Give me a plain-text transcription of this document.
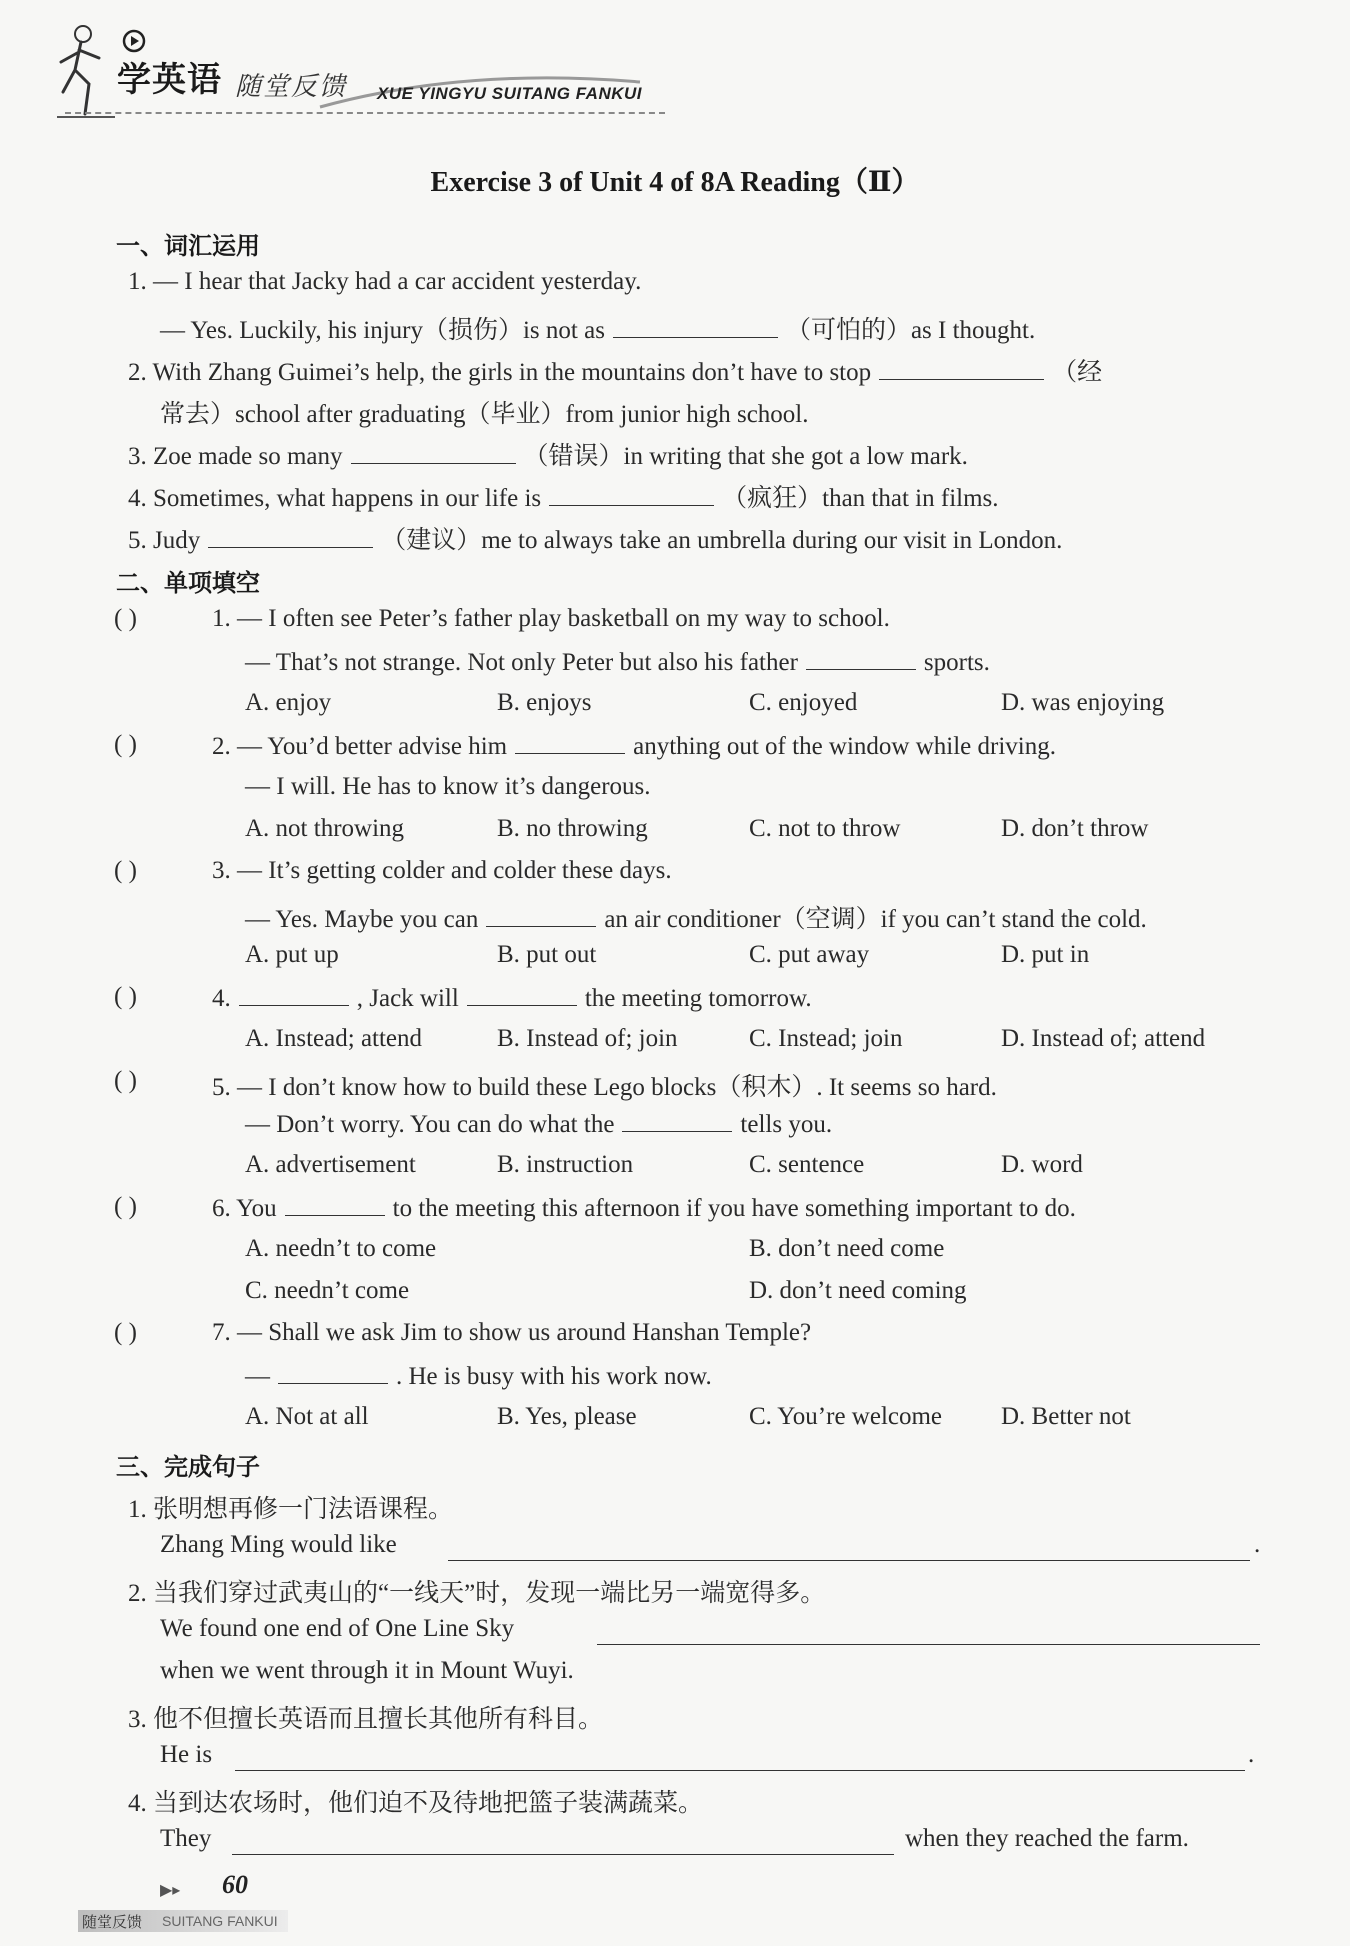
学英语 随堂反馈 XUE YINGYU SUITANG FANKUI
Exercise 3 of Unit 4 of 8A Reading（Ⅱ）
一、词汇运用
1. — I hear that Jacky had a car accident yesterday.
— Yes. Luckily, his injury（损伤）is not as	（可怕的）as I thought.
2. With Zhang Guimei’s help, the girls in the mountains don’t have to stop	（经
常去）school after graduating（毕业）from junior high school.
3. Zoe made so many	（错误）in writing that she got a low mark.
4. Sometimes, what happens in our life is	（疯狂）than that in films.
5. Judy	（建议）me to always take an umbrella during our visit in London.
二、单项填空
( )	1. — I often see Peter’s father play basketball on my way to school.
— That’s not strange. Not only Peter but also his father	sports.
A. enjoy	B. enjoys	C. enjoyed	D. was enjoying
( )	2. — You’d better advise him	anything out of the window while driving.
— I will. He has to know it’s dangerous.
A. not throwing	B. no throwing	C. not to throw	D. don’t throw
( )	3. — It’s getting colder and colder these days.
— Yes. Maybe you can	an air conditioner（空调）if you can’t stand the cold.
A. put up	B. put out	C. put away	D. put in
( )	4.	, Jack will	the meeting tomorrow.
A. Instead; attend	B. Instead of; join	C. Instead; join	D. Instead of; attend
( )	5. — I don’t know how to build these Lego blocks（积木）. It seems so hard.
— Don’t worry. You can do what the	tells you.
A. advertisement	B. instruction	C. sentence	D. word
( )	6. You	to the meeting this afternoon if you have something important to do.
A. needn’t to come	B. don’t need come
C. needn’t come	D. don’t need coming
( )	7. — Shall we ask Jim to show us around Hanshan Temple?
—	. He is busy with his work now.
A. Not at all	B. Yes, please	C. You’re welcome D. Better not
三、完成句子
1. 张明想再修一门法语课程。
Zhang Ming would like	.
2. 当我们穿过武夷山的“一线天”时，发现一端比另一端宽得多。
We found one end of One Line Sky
when we went through it in Mount Wuyi.
3. 他不但擅长英语而且擅长其他所有科目。
He is	.
4. 当到达农场时，他们迫不及待地把篮子装满蔬菜。
They	when they reached the farm.
▶▸ 60
随堂反馈 SUITANG FANKUI
